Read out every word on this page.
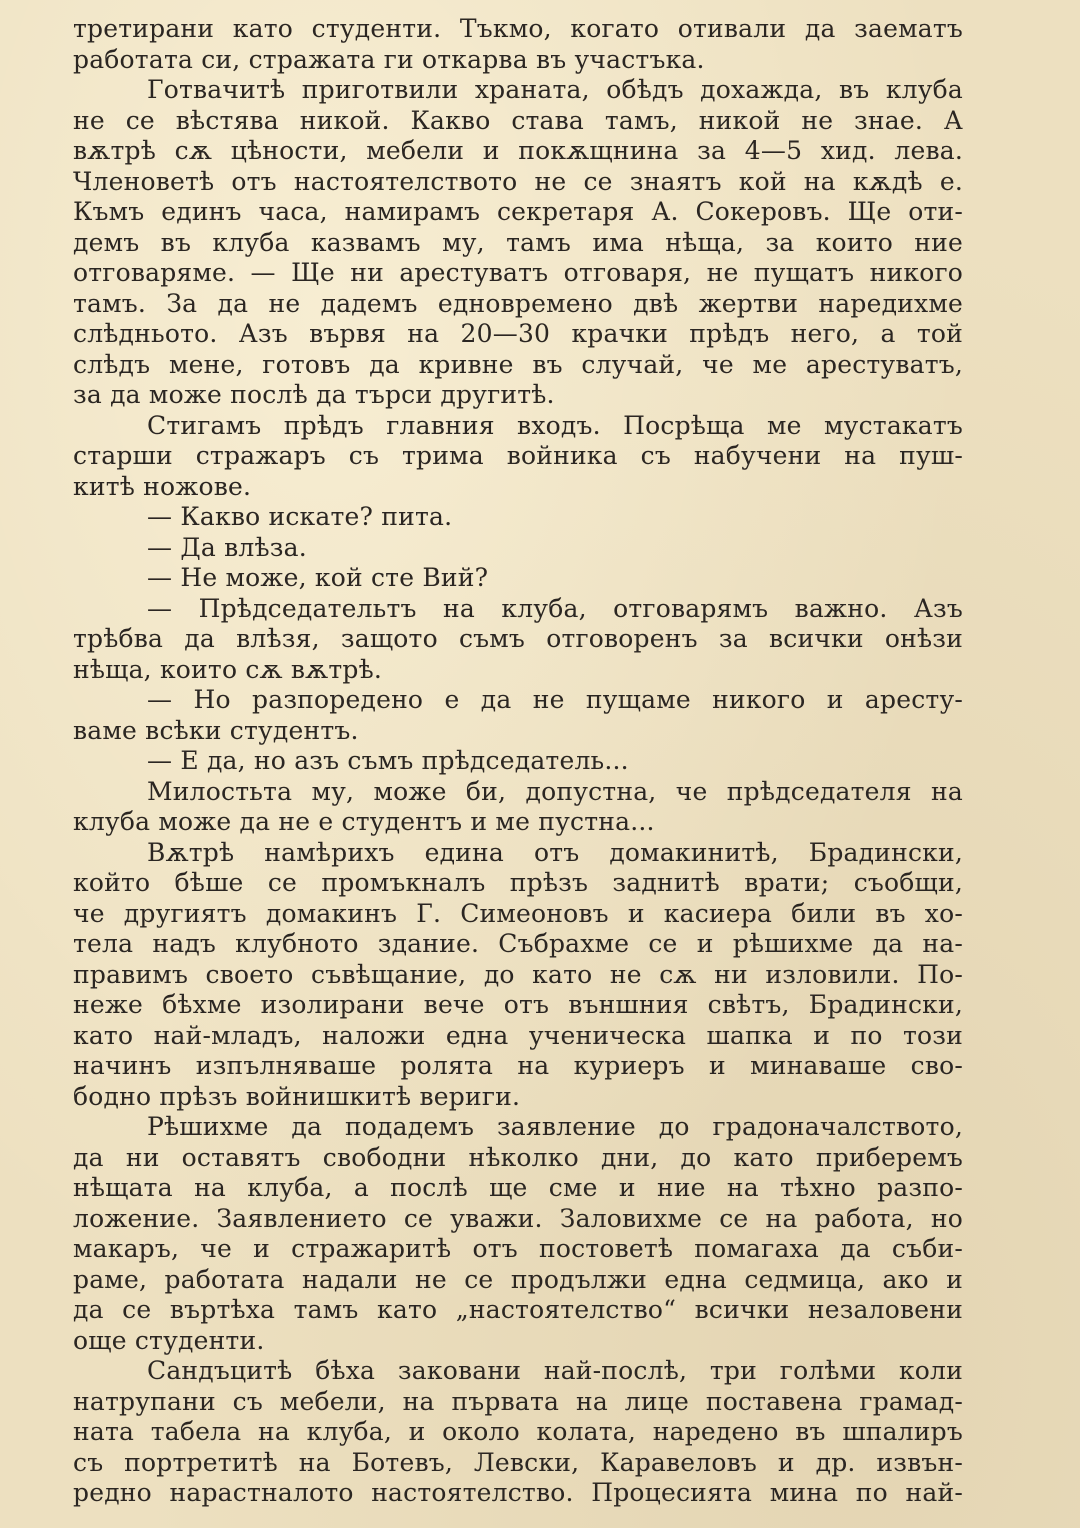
третирани като студенти. Тъкмо, когато отивали да заематъ
работата си, стражата ги откарва въ участъка.
Готвачитѣ приготвили храната, обѣдъ дохажда, въ клуба
не се вѣстява никой. Какво става тамъ, никой не знае. А
вѫтрѣ сѫ цѣности, мебели и покѫщнина за 4—5 хид. лева.
Членоветѣ отъ настоятелството не се знаятъ кой на кѫдѣ е.
Къмъ единъ часа, намирамъ секретаря А. Сокеровъ. Ще оти-
демъ въ клуба казвамъ му, тамъ има нѣща, за които ние
отговаряме. — Ще ни арестуватъ отговаря, не пущатъ никого
тамъ. За да не дадемъ едновремено двѣ жертви наредихме
слѣдньото. Азъ вървя на 20—30 крачки прѣдъ него, а той
слѣдъ мене, готовъ да кривне въ случай, че ме арестуватъ,
за да може послѣ да търси другитѣ.
Стигамъ прѣдъ главния входъ. Посрѣща ме мустакатъ
старши стражаръ съ трима войника съ набучени на пуш-
китѣ ножове.
— Какво искате? пита.
— Да влѣза.
— Не може, кой сте Вий?
— Прѣдседательтъ на клуба, отговарямъ важно. Азъ
трѣбва да влѣзя, защото съмъ отговоренъ за всички онѣзи
нѣща, които сѫ вѫтрѣ.
— Но разпоредено е да не пущаме никого и аресту-
ваме всѣки студентъ.
— Е да, но азъ съмъ прѣдседатель...
Милостьта му, може би, допустна, че прѣдседателя на
клуба може да не е студентъ и ме пустна...
Вѫтрѣ намѣрихъ единa отъ домакинитѣ, Брадински,
който бѣше се промъкналъ прѣзъ заднитѣ врати; съобщи,
че другиятъ домакинъ Г. Симеоновъ и касиера били въ хо-
тела надъ клубното здание. Събрахме се и рѣшихме да на-
правимъ своето съвѣщание, до като не сѫ ни изловили. По-
неже бѣхме изолирани вече отъ външния свѣтъ, Брадински,
като най-младъ, наложи една ученическа шапка и по този
начинъ изпълняваше ролята на куриеръ и минаваше сво-
бодно прѣзъ войнишкитѣ вериги.
Рѣшихме да подадемъ заявление до градоначалството,
да ни оставятъ свободни нѣколко дни, до като приберемъ
нѣщата на клуба, а послѣ ще сме и ние на тѣхно разпо-
ложение. Заявлението се уважи. Заловихме се на работа, но
макаръ, че и стражаритѣ отъ постоветѣ помагаха да съби-
раме, работата надали не се продължи една седмица, ако и
да се въртѣха тамъ като „настоятелство“ всички незаловени
още студенти.
Сандъцитѣ бѣха заковани най-послѣ, три голѣми коли
натрупани съ мебели, на първата на лице поставена грамад-
ната табела на клуба, и около колата, наредено въ шпалиръ
съ портретитѣ на Ботевъ, Левски, Каравеловъ и др. извън-
редно нарастналото настоятелство. Процесията мина по най-
